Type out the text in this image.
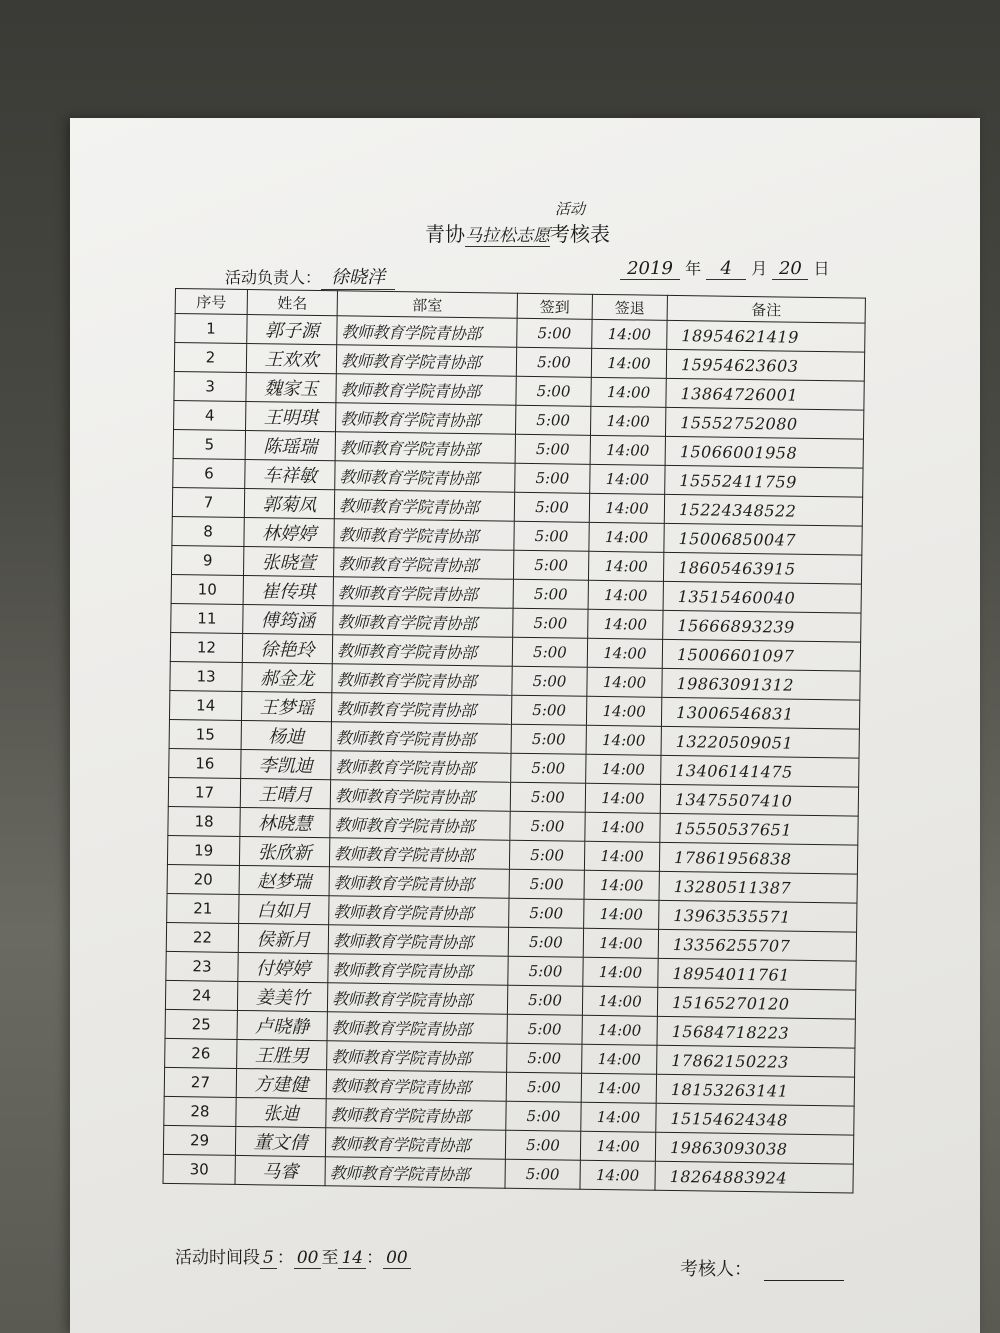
青协马拉松志愿考核表
活动
活动负责人： 徐晓洋	2019 年 4 月 20 日
序号	姓名	部室	签到	签退	备注
1	郭子源	教师教育学院青协部	5:00	14:00	18954621419
2	王欢欢	教师教育学院青协部	5:00	14:00	15954623603
3	魏家玉	教师教育学院青协部	5:00	14:00	13864726001
4	王明琪	教师教育学院青协部	5:00	14:00	15552752080
5	陈瑶瑞	教师教育学院青协部	5:00	14:00	15066001958
6	车祥敏	教师教育学院青协部	5:00	14:00	15552411759
7	郭菊凤	教师教育学院青协部	5:00	14:00	15224348522
8	林婷婷	教师教育学院青协部	5:00	14:00	15006850047
9	张晓萱	教师教育学院青协部	5:00	14:00	18605463915
10	崔传琪	教师教育学院青协部	5:00	14:00	13515460040
11	傅筠涵	教师教育学院青协部	5:00	14:00	15666893239
12	徐艳玲	教师教育学院青协部	5:00	14:00	15006601097
13	郝金龙	教师教育学院青协部	5:00	14:00	19863091312
14	王梦瑶	教师教育学院青协部	5:00	14:00	13006546831
15	杨迪	教师教育学院青协部	5:00	14:00	13220509051
16	李凯迪	教师教育学院青协部	5:00	14:00	13406141475
17	王晴月	教师教育学院青协部	5:00	14:00	13475507410
18	林晓慧	教师教育学院青协部	5:00	14:00	15550537651
19	张欣新	教师教育学院青协部	5:00	14:00	17861956838
20	赵梦瑞	教师教育学院青协部	5:00	14:00	13280511387
21	白如月	教师教育学院青协部	5:00	14:00	13963535571
22	侯新月	教师教育学院青协部	5:00	14:00	13356255707
23	付婷婷	教师教育学院青协部	5:00	14:00	18954011761
24	姜美竹	教师教育学院青协部	5:00	14:00	15165270120
25	卢晓静	教师教育学院青协部	5:00	14:00	15684718223
26	王胜男	教师教育学院青协部	5:00	14:00	17862150223
27	方建健	教师教育学院青协部	5:00	14:00	18153263141
28	张迪	教师教育学院青协部	5:00	14:00	15154624348
29	董文倩	教师教育学院青协部	5:00	14:00	19863093038
30	马睿	教师教育学院青协部	5:00	14:00	18264883924
活动时间段 5 ： 00 至 14 ： 00
考核人：
